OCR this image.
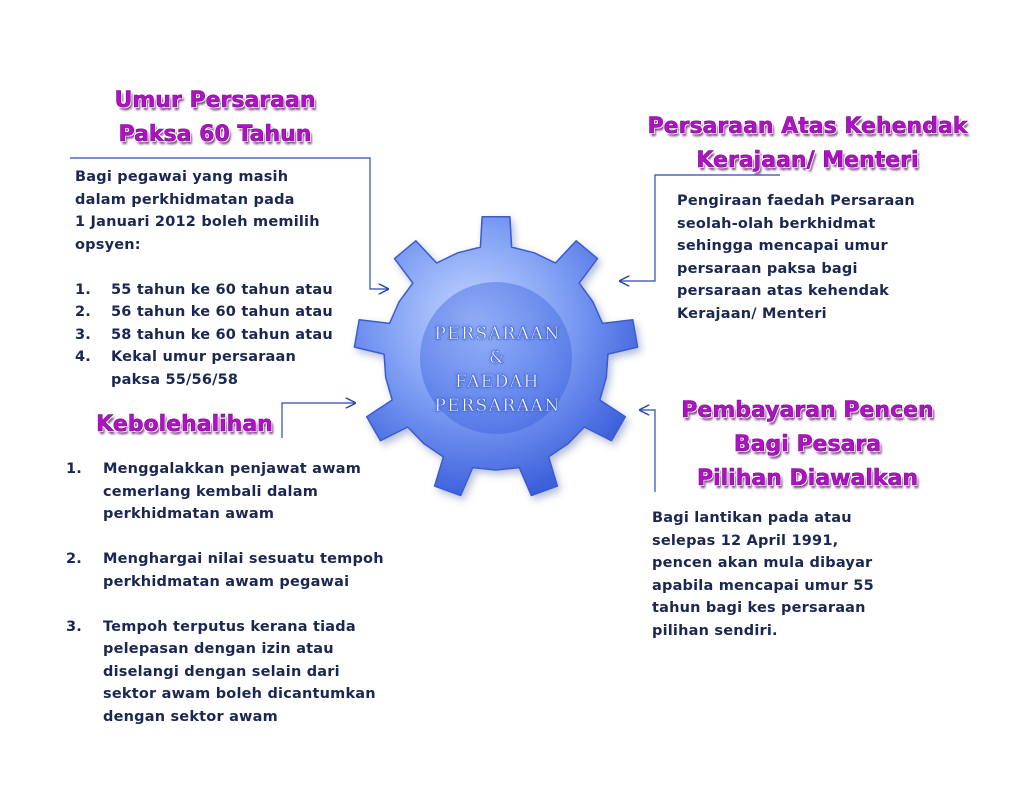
PERSARAAN
&
FAEDAH
PERSARAAN
Umur Persaraan
Paksa 60 Tahun
Bagi pegawai yang masih
dalam perkhidmatan pada
1 Januari 2012 boleh memilih
opsyen:
1. 55 tahun ke 60 tahun atau
2. 56 tahun ke 60 tahun atau
3. 58 tahun ke 60 tahun atau
4. Kekal umur persaraan
paksa 55/56/58
Persaraan Atas Kehendak
Kerajaan/ Menteri
Pengiraan faedah Persaraan
seolah-olah berkhidmat
sehingga mencapai umur
persaraan paksa bagi
persaraan atas kehendak
Kerajaan/ Menteri
Kebolehalihan
1. Menggalakkan penjawat awam
cemerlang kembali dalam
perkhidmatan awam
2. Menghargai nilai sesuatu tempoh
perkhidmatan awam pegawai
3. Tempoh terputus kerana tiada
pelepasan dengan izin atau
diselangi dengan selain dari
sektor awam boleh dicantumkan
dengan sektor awam
Pembayaran Pencen
Bagi Pesara
Pilihan Diawalkan
Bagi lantikan pada atau
selepas 12 April 1991,
pencen akan mula dibayar
apabila mencapai umur 55
tahun bagi kes persaraan
pilihan sendiri.
